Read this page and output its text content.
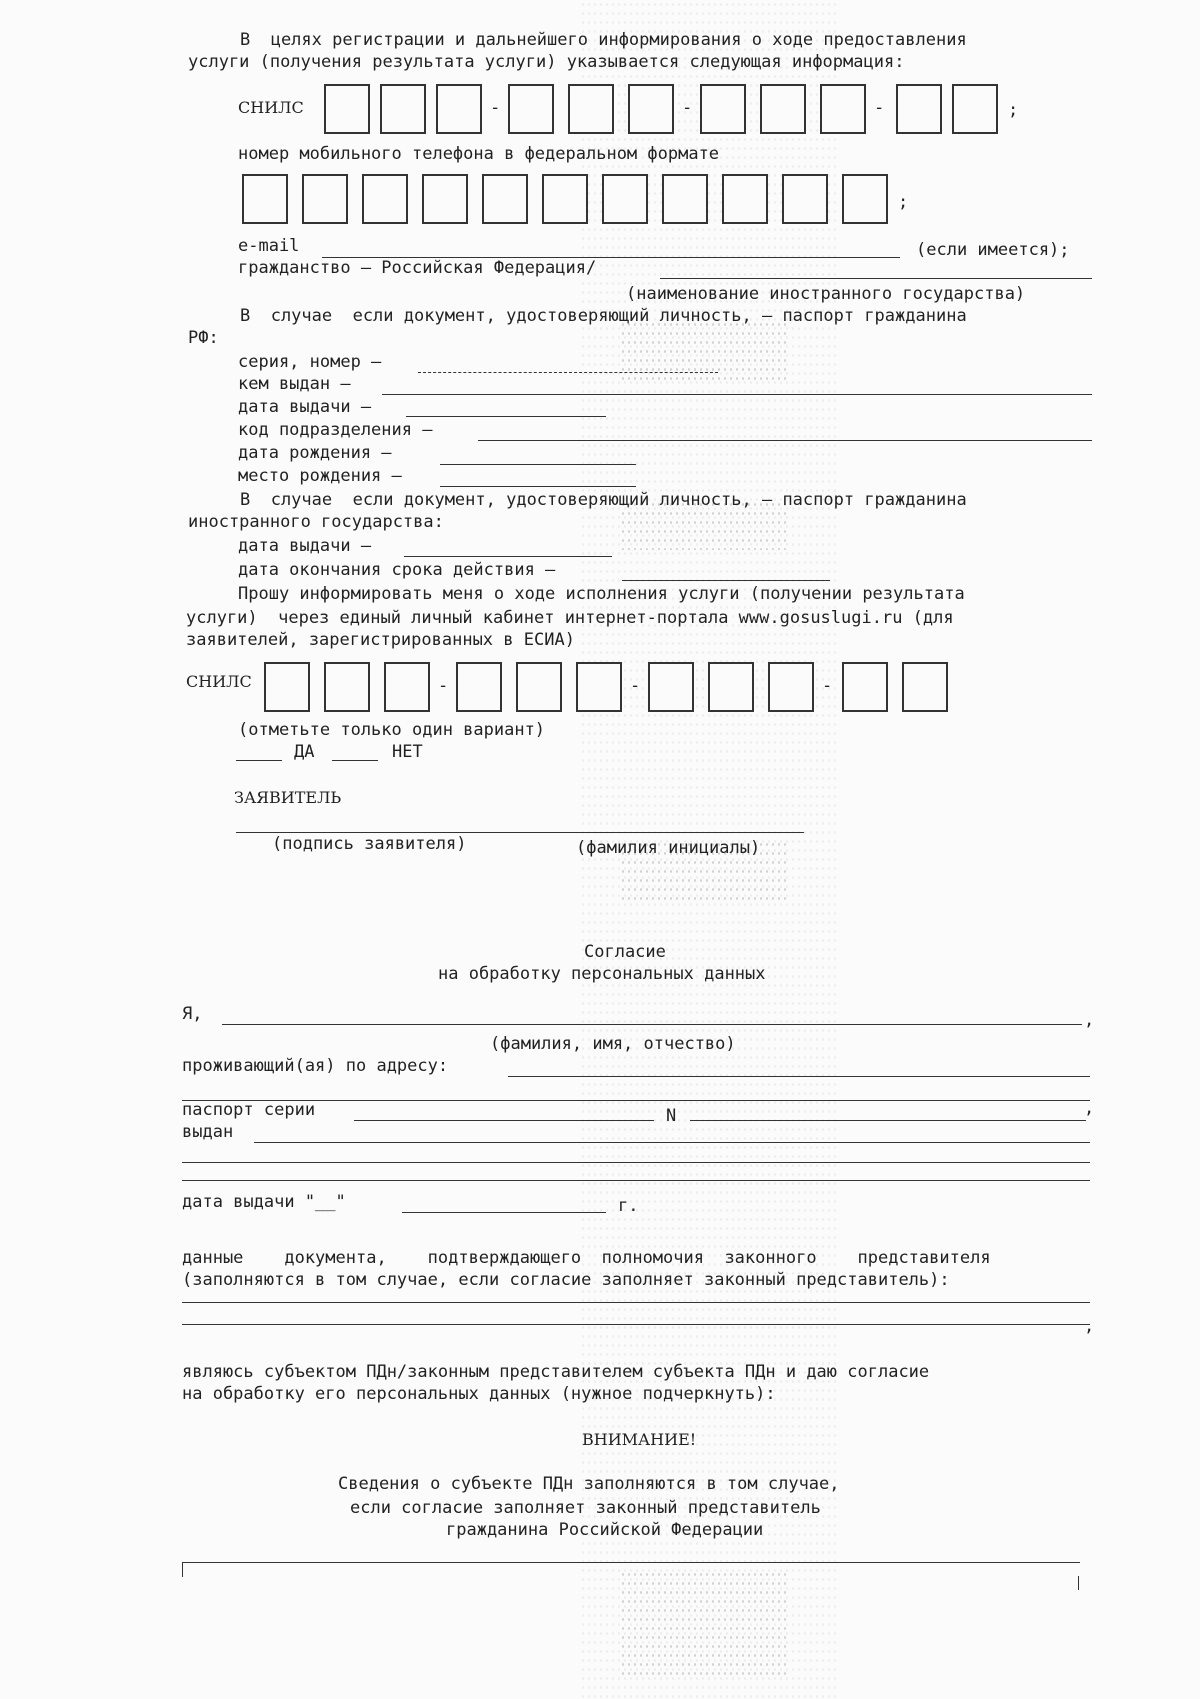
В  целях регистрации и дальнейшего информирования о ходе предоставления
услуги (получения результата услуги) указывается следующая информация:
СНИЛС	-	-	-	;
номер мобильного телефона в федеральном формате
;
e-mail	(если имеется);
гражданство – Российская Федерация/
(наименование иностранного государства)
В  случае  если документ, удостоверяющий личность, – паспорт гражданина
РФ:
серия, номер –
кем выдан –
дата выдачи –
код подразделения –
дата рождения –
место рождения –
В  случае  если документ, удостоверяющий личность, – паспорт гражданина
иностранного государства:
дата выдачи –
дата окончания срока действия –
Прошу информировать меня о ходе исполнения услуги (получении результата
услуги)  через единый личный кабинет интернет-портала www.gosuslugi.ru (для
заявителей, зарегистрированных в ЕСИА)
СНИЛС	-	-	-
(отметьте только один вариант)
ДА	НЕТ
ЗАЯВИТЕЛЬ
(подпись заявителя)	(фамилия инициалы)
Согласие
на обработку персональных данных
Я,	,
(фамилия, имя, отчество)
проживающий(ая) по адресу:
паспорт серии	N	,
выдан
дата выдачи "__"	г.
данные    документа,    подтверждающего  полномочия  законного    представителя
(заполняются в том случае, если согласие заполняет законный представитель):
,
являюсь субъектом ПДн/законным представителем субъекта ПДн и даю согласие
на обработку его персональных данных (нужное подчеркнуть):
ВНИМАНИЕ!
Сведения о субъекте ПДн заполняются в том случае,
если согласие заполняет законный представитель
гражданина Российской Федерации
